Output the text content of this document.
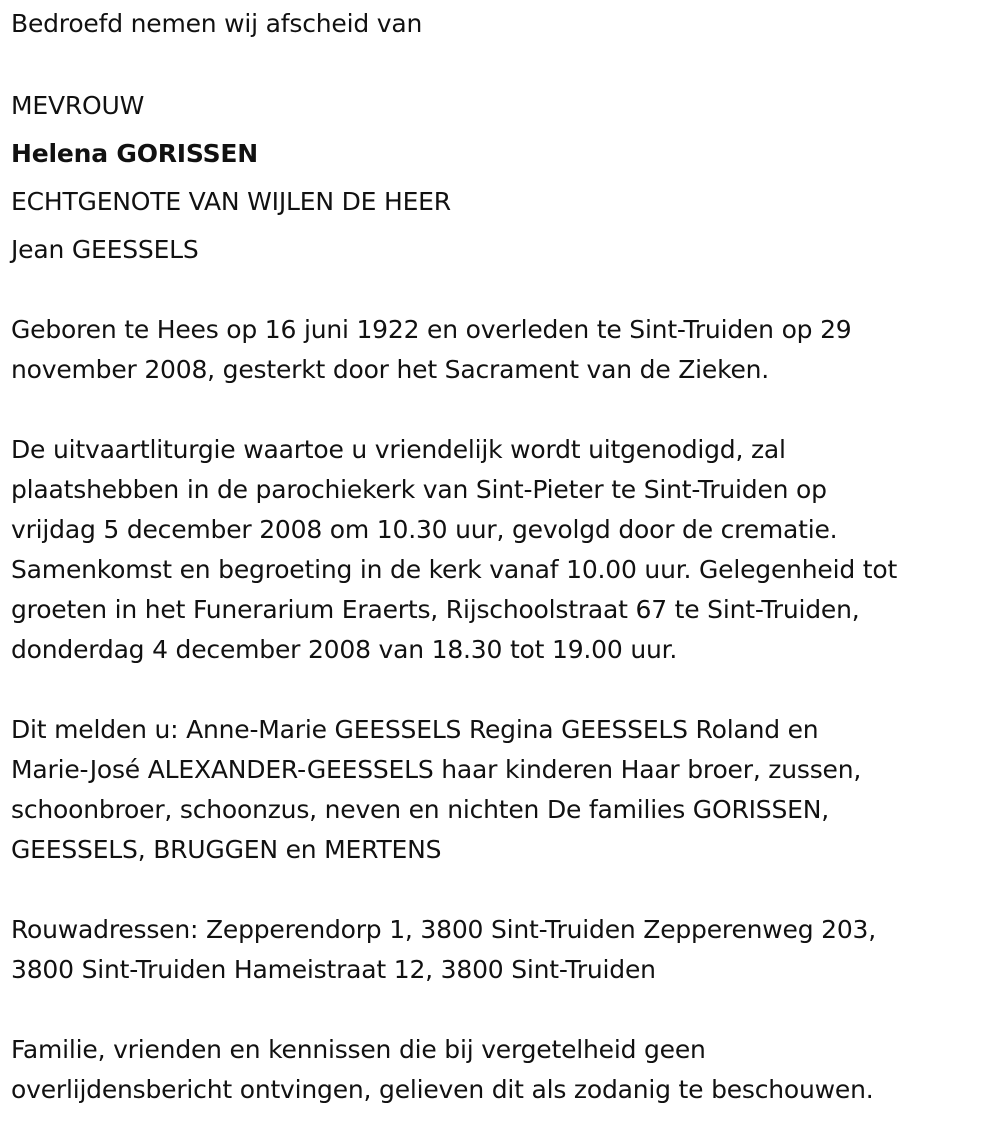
Bedroefd nemen wij afscheid van
MEVROUW
Helena GORISSEN
ECHTGENOTE VAN WIJLEN DE HEER
Jean GEESSELS
Geboren te Hees op 16 juni 1922 en overleden te Sint-Truiden op 29
november 2008, gesterkt door het Sacrament van de Zieken.
De uitvaartliturgie waartoe u vriendelijk wordt uitgenodigd, zal
plaatshebben in de parochiekerk van Sint-Pieter te Sint-Truiden op
vrijdag 5 december 2008 om 10.30 uur, gevolgd door de crematie.
Samenkomst en begroeting in de kerk vanaf 10.00 uur. Gelegenheid tot
groeten in het Funerarium Eraerts, Rijschoolstraat 67 te Sint-Truiden,
donderdag 4 december 2008 van 18.30 tot 19.00 uur.
Dit melden u: Anne-Marie GEESSELS Regina GEESSELS Roland en
Marie-José ALEXANDER-GEESSELS haar kinderen Haar broer, zussen,
schoonbroer, schoonzus, neven en nichten De families GORISSEN,
GEESSELS, BRUGGEN en MERTENS
Rouwadressen: Zepperendorp 1, 3800 Sint-Truiden Zepperenweg 203,
3800 Sint-Truiden Hameistraat 12, 3800 Sint-Truiden
Familie, vrienden en kennissen die bij vergetelheid geen
overlijdensbericht ontvingen, gelieven dit als zodanig te beschouwen.
